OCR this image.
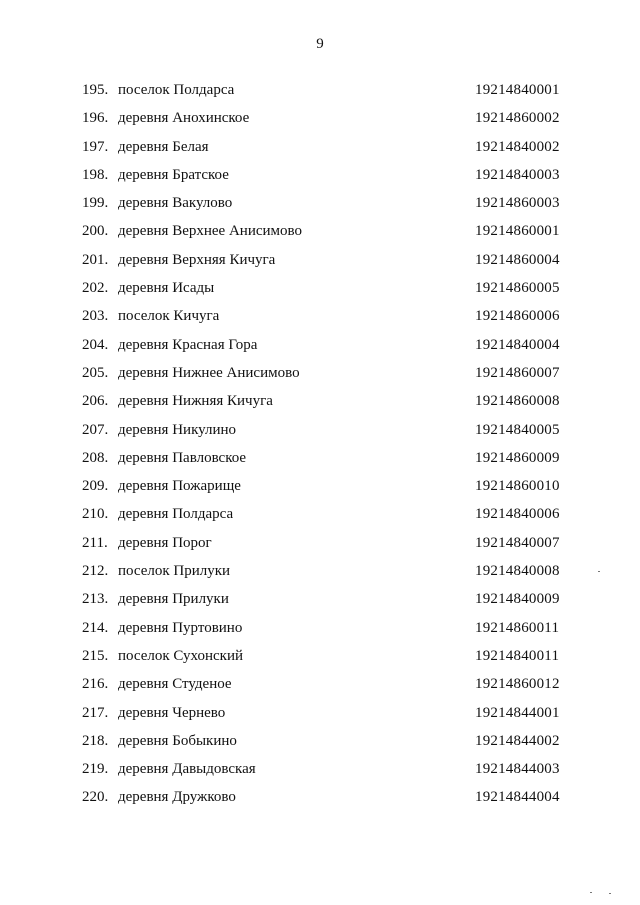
9
195. поселок Полдарса	19214840001
196. деревня Анохинское	19214860002
197. деревня Белая	19214840002
198. деревня Братское	19214840003
199. деревня Вакулово	19214860003
200. деревня Верхнее Анисимово	19214860001
201. деревня Верхняя Кичуга	19214860004
202. деревня Исады	19214860005
203. поселок Кичуга	19214860006
204. деревня Красная Гора	19214840004
205. деревня Нижнее Анисимово	19214860007
206. деревня Нижняя Кичуга	19214860008
207. деревня Никулино	19214840005
208. деревня Павловское	19214860009
209. деревня Пожарище	19214860010
210. деревня Полдарса	19214840006
211. деревня Порог	19214840007
212. поселок Прилуки	19214840008
213. деревня Прилуки	19214840009
214. деревня Пуртовино	19214860011
215. поселок Сухонский	19214840011
216. деревня Студеное	19214860012
217. деревня Чернево	19214844001
218. деревня Бобыкино	19214844002
219. деревня Давыдовская	19214844003
220. деревня Дружково	19214844004
